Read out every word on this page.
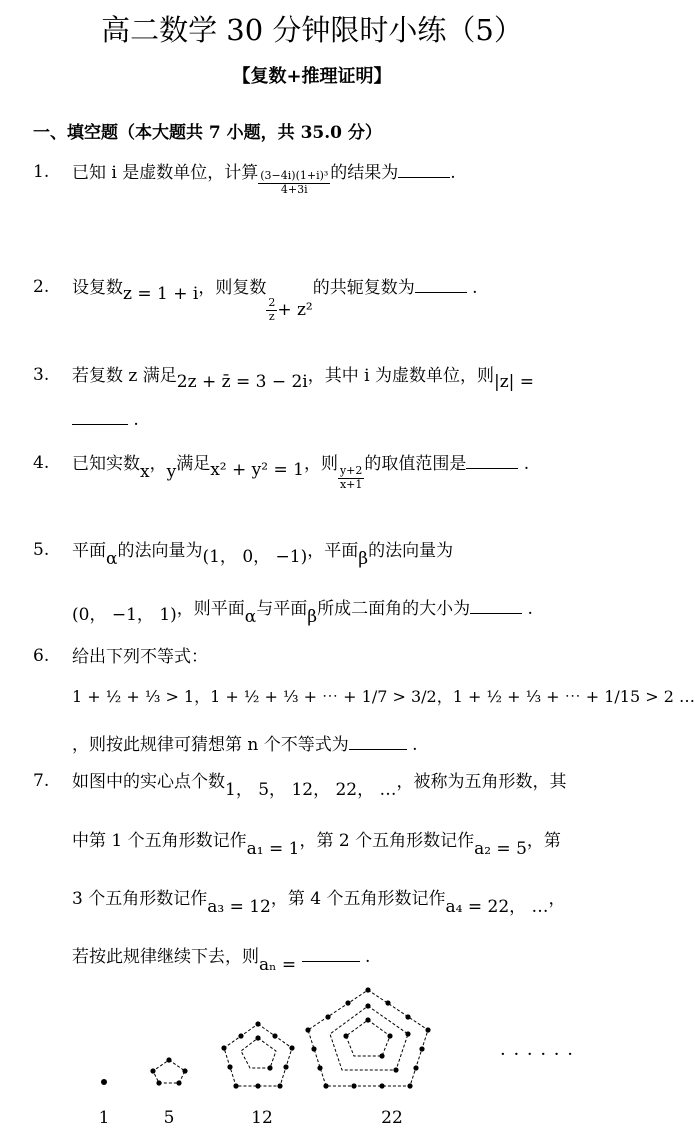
高二数学 30 分钟限时小练（5）
【复数+推理证明】
一、填空题（本大题共 7 小题，共 35.0 分）
1. 已知 i 是虚数单位，计算 $\frac{\text{(3−4i)(1+i)³}}{4+3i}$ 的结果为	.
2. 设复数z = 1 + i，则复数
$\frac{2}{z} + z^2$的共轭复数为	.
3. 若复数 z 满足2z + z̄ = 3 − 2i，其中 i 为虚数单位，则|z| =
.
4. 已知实数x，y满足x² + y² = 1，则
$\frac{y+2}{x+1}$
的取值范围是	.
5. 平面α的法向量为(1， 0， −1)，平面β的法向量为
(0， −1， 1)，则平面α与平面β所成二面角的大小为	.
6. 给出下列不等式：
1 + ½ + ⅓ > 1，1 + ½ + ⅓ + ⋯ + 1/7 > 3/2，1 + ½ + ⅓ + ⋯ + 1/15 > 2 …
，则按此规律可猜想第 n 个不等式为	.
7. 如图中的实心点个数1， 5， 12， 22， …，被称为五角形数，其
中第 1 个五角形数记作a₁ = 1，第 2 个五角形数记作a₂ = 5，第
3 个五角形数记作a₃ = 12，第 4 个五角形数记作a₄ = 22， …，
若按此规律继续下去，则aₙ =	.
· · · · · ·
1	5	12	22
